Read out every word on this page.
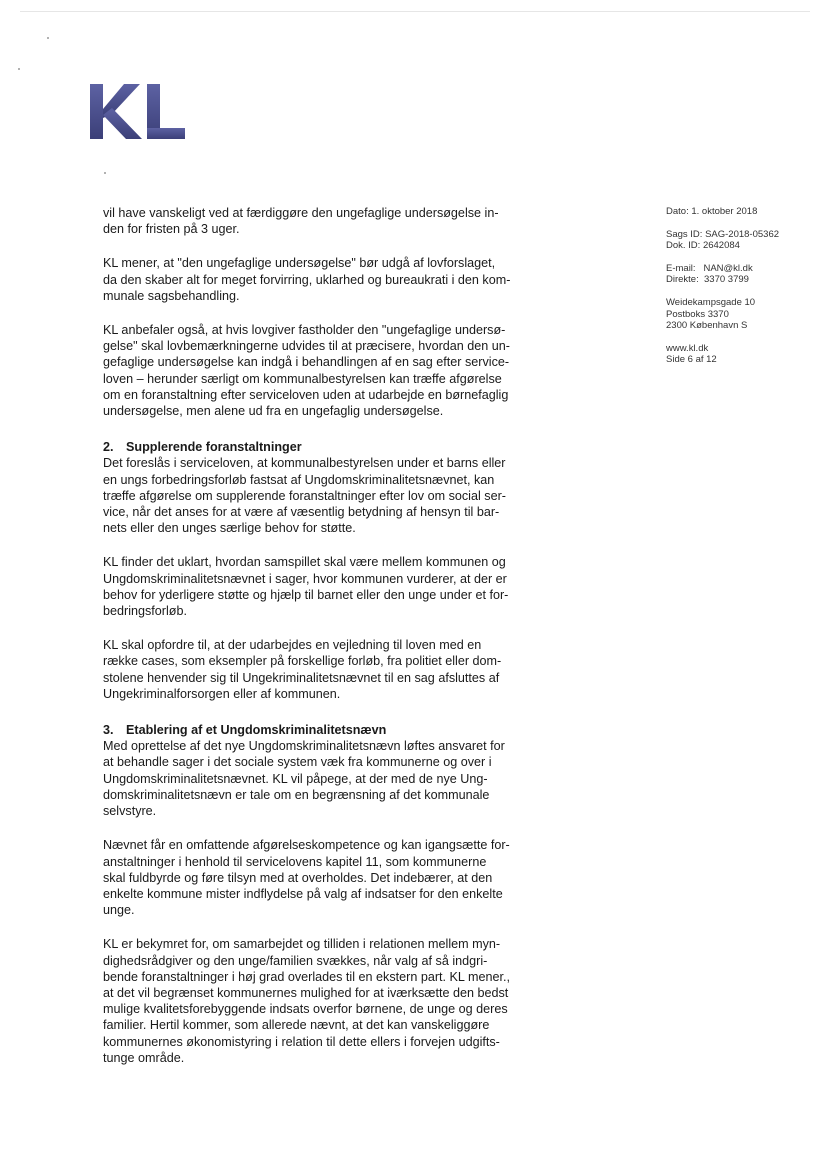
Dato: 1. oktober 2018
Sags ID: SAG-2018-05362
Dok. ID: 2642084
E-mail:   NAN@kl.dk
Direkte:  3370 3799
Weidekampsgade 10
Postboks 3370
2300 København S
www.kl.dk
Side 6 af 12

vil have vanskeligt ved at færdiggøre den ungefaglige undersøgelse in-
den for fristen på 3 uger.

KL mener, at "den ungefaglige undersøgelse" bør udgå af lovforslaget,
da den skaber alt for meget forvirring, uklarhed og bureaukrati i den kom-
munale sagsbehandling.

KL anbefaler også, at hvis lovgiver fastholder den "ungefaglige undersø-
gelse" skal lovbemærkningerne udvides til at præcisere, hvordan den un-
gefaglige undersøgelse kan indgå i behandlingen af en sag efter service-
loven – herunder særligt om kommunalbestyrelsen kan træffe afgørelse
om en foranstaltning efter serviceloven uden at udarbejde en børnefaglig
undersøgelse, men alene ud fra en ungefaglig undersøgelse.

2. Supplerende foranstaltninger

Det foreslås i serviceloven, at kommunalbestyrelsen under et barns eller
en ungs forbedringsforløb fastsat af Ungdomskriminalitetsnævnet, kan
træffe afgørelse om supplerende foranstaltninger efter lov om social ser-
vice, når det anses for at være af væsentlig betydning af hensyn til bar-
nets eller den unges særlige behov for støtte.

KL finder det uklart, hvordan samspillet skal være mellem kommunen og
Ungdomskriminalitetsnævnet i sager, hvor kommunen vurderer, at der er
behov for yderligere støtte og hjælp til barnet eller den unge under et for-
bedringsforløb.

KL skal opfordre til, at der udarbejdes en vejledning til loven med en
række cases, som eksempler på forskellige forløb, fra politiet eller dom-
stolene henvender sig til Ungekriminalitetsnævnet til en sag afsluttes af
Ungekriminalforsorgen eller af kommunen.

3. Etablering af et Ungdomskriminalitetsnævn

Med oprettelse af det nye Ungdomskriminalitetsnævn løftes ansvaret for
at behandle sager i det sociale system væk fra kommunerne og over i
Ungdomskriminalitetsnævnet. KL vil påpege, at der med de nye Ung-
domskriminalitetsnævn er tale om en begrænsning af det kommunale
selvstyre.

Nævnet får en omfattende afgørelseskompetence og kan igangsætte for-
anstaltninger i henhold til servicelovens kapitel 11, som kommunerne
skal fuldbyrde og føre tilsyn med at overholdes. Det indebærer, at den
enkelte kommune mister indflydelse på valg af indsatser for den enkelte
unge.

KL er bekymret for, om samarbejdet og tilliden i relationen mellem myn-
dighedsrådgiver og den unge/familien svækkes, når valg af så indgri-
bende foranstaltninger i høj grad overlades til en ekstern part. KL mener.,
at det vil begrænset kommunernes mulighed for at iværksætte den bedst
mulige kvalitetsforebyggende indsats overfor børnene, de unge og deres
familier. Hertil kommer, som allerede nævnt, at det kan vanskeliggøre
kommunernes økonomistyring i relation til dette ellers i forvejen udgifts-
tunge område.
